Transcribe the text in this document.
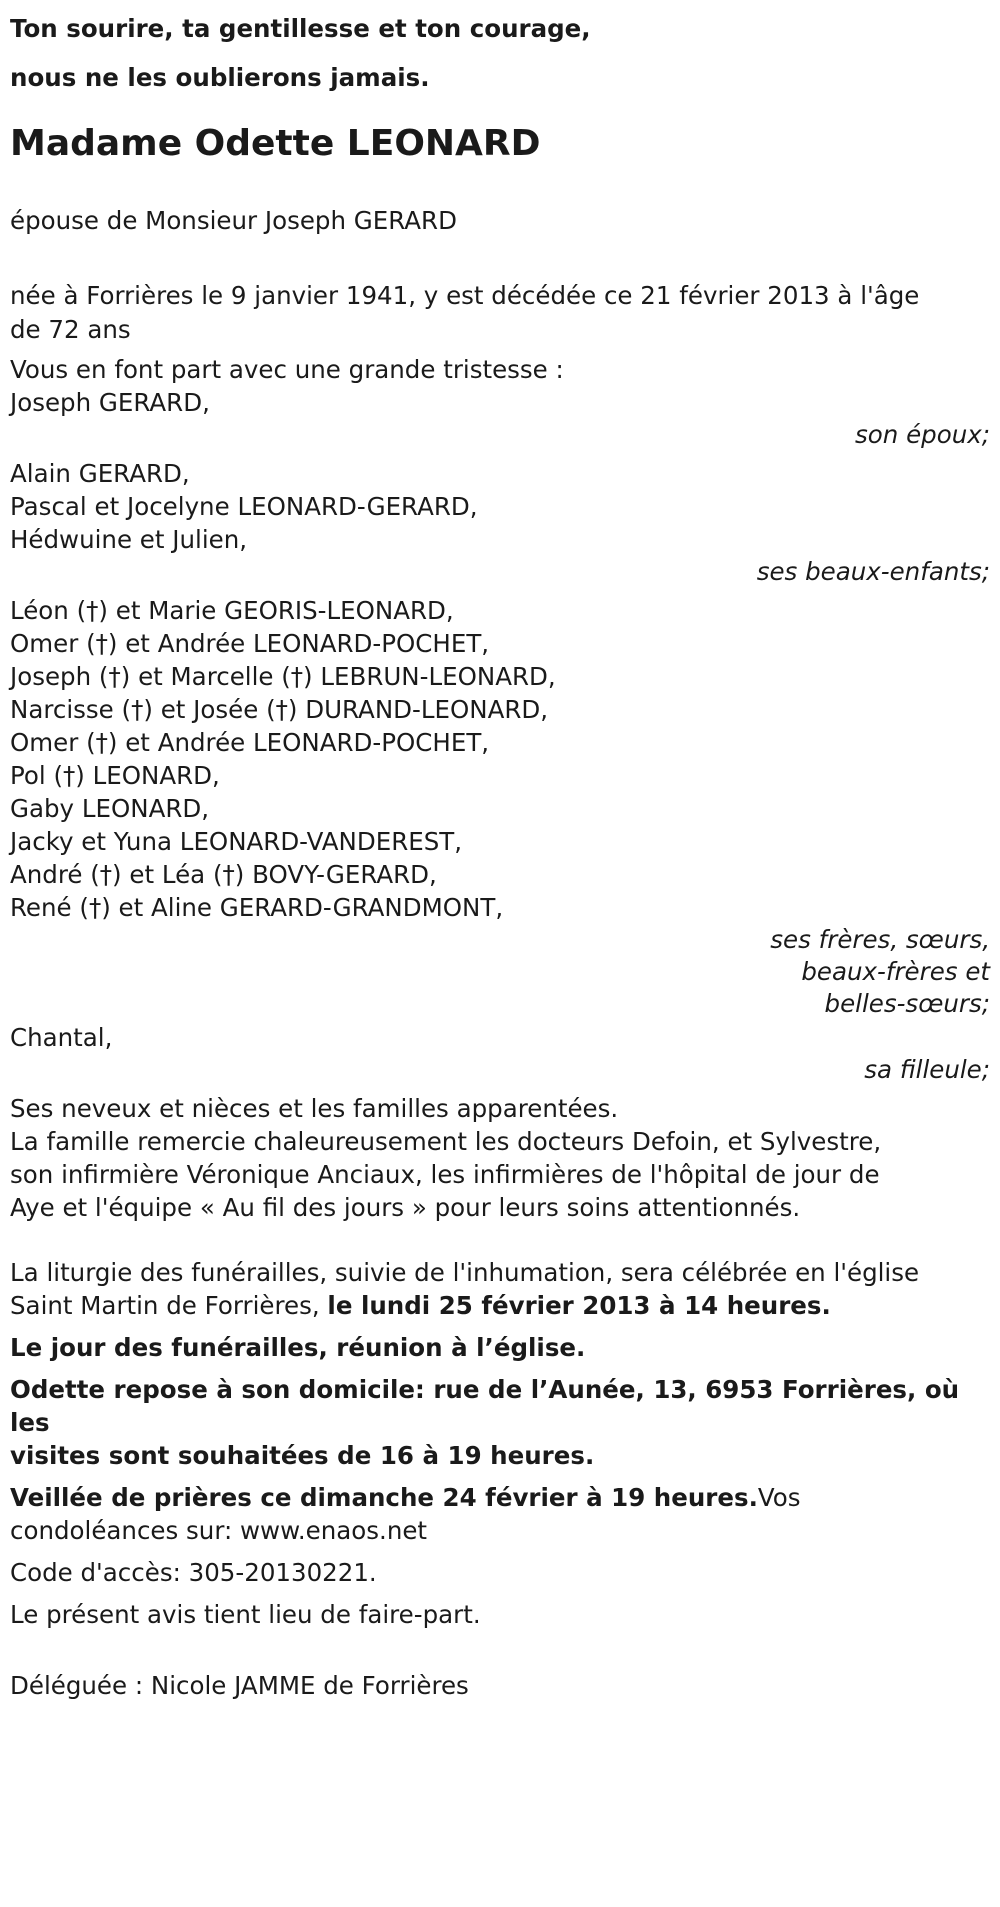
Ton sourire, ta gentillesse et ton courage,

nous ne les oublierons jamais.

Madame Odette LEONARD

épouse de Monsieur Joseph GERARD

née à Forrières le 9 janvier 1941, y est décédée ce 21 février 2013 à l'âge

de 72 ans

Vous en font part avec une grande tristesse :

Joseph GERARD,

son époux;

Alain GERARD,

Pascal et Jocelyne LEONARD-GERARD,

Hédwuine et Julien,

ses beaux-enfants;

Léon (†) et Marie GEORIS-LEONARD,

Omer (†) et Andrée LEONARD-POCHET,

Joseph (†) et Marcelle (†) LEBRUN-LEONARD,

Narcisse (†) et Josée (†) DURAND-LEONARD,

Omer (†) et Andrée LEONARD-POCHET,

Pol (†) LEONARD,

Gaby LEONARD,

Jacky et Yuna LEONARD-VANDEREST,

André (†) et Léa (†) BOVY-GERARD,

René (†) et Aline GERARD-GRANDMONT,

ses frères, sœurs,
beaux-frères et
belles-sœurs;

Chantal,

sa filleule;

Ses neveux et nièces et les familles apparentées.

La famille remercie chaleureusement les docteurs Defoin, et Sylvestre,

son infirmière Véronique Anciaux, les infirmières de l'hôpital de jour de

Aye et l'équipe « Au fil des jours » pour leurs soins attentionnés.

La liturgie des funérailles, suivie de l'inhumation, sera célébrée en l'église

Saint Martin de Forrières, le lundi 25 février 2013 à 14 heures.

Le jour des funérailles, réunion à l’église.

Odette repose à son domicile: rue de l’Aunée, 13, 6953 Forrières, où les

visites sont souhaitées de 16 à 19 heures.

Veillée de prières ce dimanche 24 février à 19 heures.Vos

condoléances sur: www.enaos.net

Code d'accès: 305-20130221.

Le présent avis tient lieu de faire-part.

Déléguée : Nicole JAMME de Forrières
